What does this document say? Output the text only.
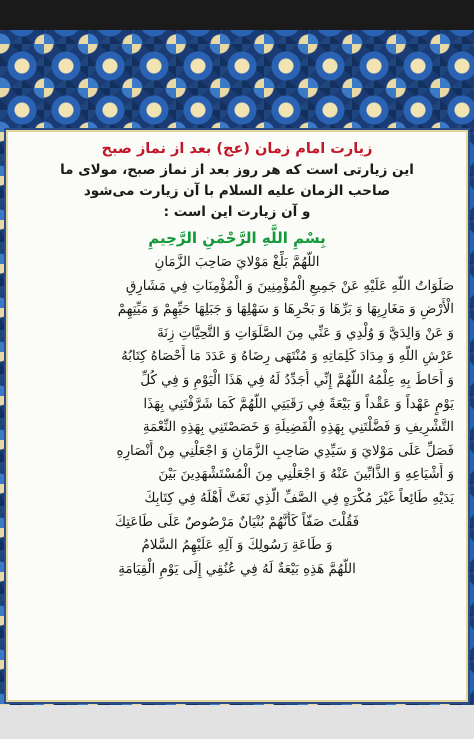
زیارت امام زمان (عج) بعد از نماز صبح
این زیارتی است که هر روز بعد از نماز صبح، مولای ما
صاحب الزمان علیه السلام با آن زیارت می‌شود
و آن زیارت این است :
بِسْمِ اللَّهِ الرَّحْمَنِ الرَّحِيمِ
اللَّهُمَّ بَلِّغْ مَوْلايَ صَاحِبَ الزَّمَانِ
صَلَوَاتُ اللَّهِ عَلَيْهِ عَنْ جَمِيعِ الْمُؤْمِنِينَ وَ الْمُؤْمِنَاتِ فِي مَشَارِقِ
الْأَرْضِ وَ مَغَارِبِهَا وَ بَرِّهَا وَ بَحْرِهَا وَ سَهْلِهَا وَ جَبَلِهَا حَيِّهِمْ وَ مَيِّتِهِمْ
وَ عَنْ وَالِدَيَّ وَ وُلْدِي وَ عَنِّي مِنَ الصَّلَوَاتِ وَ التَّحِيَّاتِ زِنَةَ
عَرْشِ اللَّهِ وَ مِدَادَ كَلِمَاتِهِ وَ مُنْتَهَى رِضَاهُ وَ عَدَدَ مَا أَحْصَاهُ كِتَابُهُ
وَ أَحَاطَ بِهِ عِلْمُهُ اللَّهُمَّ إِنِّي أُجَدِّدُ لَهُ فِي هَذَا الْيَوْمِ وَ فِي كُلِّ
يَوْمٍ عَهْداً وَ عَقْداً وَ بَيْعَةً فِي رَقَبَتِي اللَّهُمَّ كَمَا شَرَّفْتَنِي بِهَذَا
التَّشْرِيفِ وَ فَضَّلْتَنِي بِهَذِهِ الْفَضِيلَةِ وَ خَصَصْتَنِي بِهَذِهِ النِّعْمَةِ
فَصَلِّ عَلَى مَوْلايَ وَ سَيِّدِي صَاحِبِ الزَّمَانِ وَ اجْعَلْنِي مِنْ أَنْصَارِهِ
وَ أَشْيَاعِهِ وَ الذَّابِّينَ عَنْهُ وَ اجْعَلْنِي مِنَ الْمُسْتَشْهَدِينَ بَيْنَ
يَدَيْهِ طَائِعاً غَيْرَ مُكْرَهٍ فِي الصَّفِّ الَّذِي نَعَتَّ أَهْلَهُ فِي كِتَابِكَ
فَقُلْتَ صَفّاً كَأَنَّهُمْ بُنْيَانٌ مَرْصُوصٌ عَلَى طَاعَتِكَ
وَ طَاعَةِ رَسُولِكَ وَ آلِهِ عَلَيْهِمُ السَّلامُ
اللَّهُمَّ هَذِهِ بَيْعَةٌ لَهُ فِي عُنُقِي إِلَى يَوْمِ الْقِيَامَةِ
